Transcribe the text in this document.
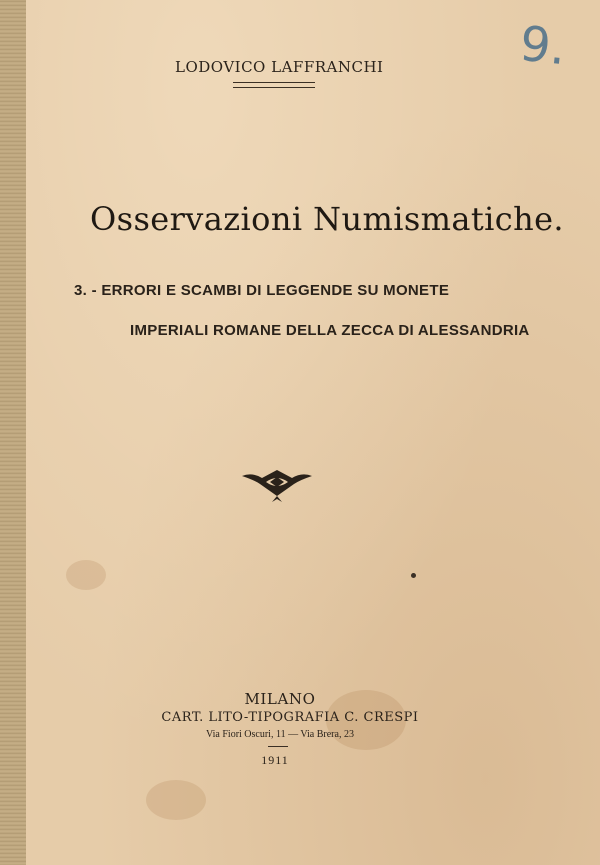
LODOVICO LAFFRANCHI	9.
Osservazioni Numismatiche.
3. - ERRORI E SCAMBI DI LEGGENDE SU MONETE
IMPERIALI ROMANE DELLA ZECCA DI ALESSANDRIA
MILANO
CART. LITO-TIPOGRAFIA C. CRESPI
Via Fiori Oscuri, 11 — Via Brera, 23
1911
